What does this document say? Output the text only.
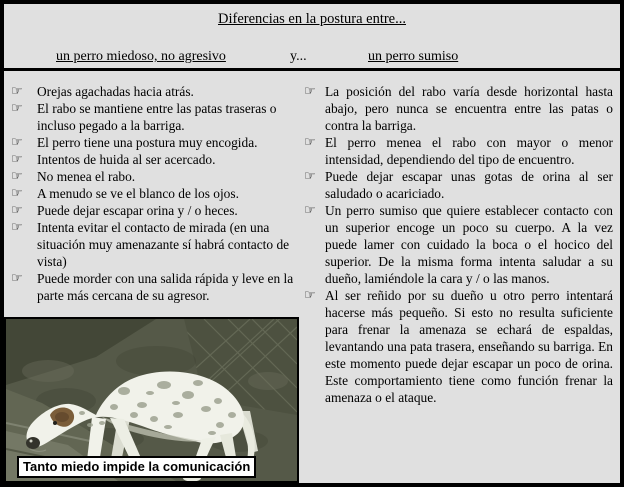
Diferencias en la postura entre...
un perro miedoso, no agresivo	y...	un perro sumiso
☞	Orejas agachadas hacia atrás.
☞	El rabo se mantiene entre las patas traseras o incluso pegado a la barriga.
☞	El perro tiene una postura muy encogida.
☞	Intentos de huida al ser acercado.
☞	No menea el rabo.
☞	A menudo se ve el blanco de los ojos.
☞	Puede dejar escapar orina y / o heces.
☞	Intenta evitar el contacto de mirada (en una situación muy amenazante sí habrá contacto de vista)
☞	Puede morder con una salida rápida y leve en la parte más cercana de su agresor.
☞ La posición del rabo varía desde horizontal hasta abajo, pero nunca se encuentra entre las patas o contra la barriga.
☞ El perro menea el rabo con mayor o menor intensidad, dependiendo del tipo de encuentro.
☞ Puede dejar escapar unas gotas de orina al ser saludado o acariciado.
☞ Un perro sumiso que quiere establecer contacto con un superior encoge un poco su cuerpo. A la vez puede lamer con cuidado la boca o el hocico del superior. De la misma forma intenta saludar a su dueño, lamiéndole la cara y / o las manos.
☞ Al ser reñido por su dueño u otro perro intentará hacerse más pequeño. Si esto no resulta suficiente para frenar la amenaza se echará de espaldas, levantando una pata trasera, enseñando su barriga. En este momento puede dejar escapar un poco de orina. Este comportamiento tiene como función frenar la amenaza o el ataque.
Tanto miedo impide la comunicación
